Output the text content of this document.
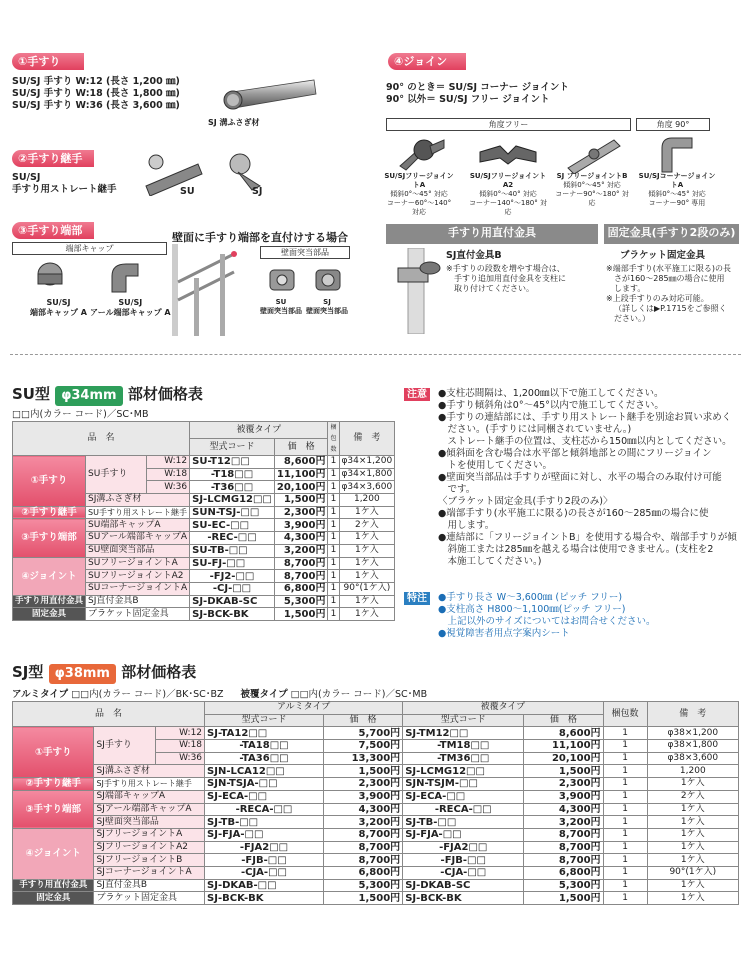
①手すり
SU/SJ 手すり W:12 (長さ 1,200 ㎜)
SU/SJ 手すり W:18 (長さ 1,800 ㎜)
SU/SJ 手すり W:36 (長さ 3,600 ㎜)
SJ 溝ふさぎ材
②手すり継手
SU/SJ
手すり用ストレート継手	SU	SJ
③手すり端部
端部キャップ
SU/SJ
端部キャップ A
SU/SJ
アール端部キャップ A
壁面に手すり端部を直付けする場合
壁面突当部品
SU
壁面突当部品
SJ
壁面突当部品
④ジョイント
90° のとき＝ SU/SJ コーナー ジョイント
90° 以外＝ SU/SJ フリー ジョイント
角度フリー	角度 90°
SU/SJフリージョイントA
傾斜0°～45° 対応
コーナー60°～140° 対応
SU/SJフリージョイントA2
傾斜0°～40° 対応
コーナー140°～180° 対応
SJ フリージョイントB
傾斜0°～45° 対応
コーナー90°～180° 対応
SU/SJコーナージョイントA
傾斜0°～45° 対応
コーナー90° 専用
手すり用直付金具	固定金具(手すり2段のみ)
SJ直付金具B
※手すりの段数を増やす場合は、
手すり追加用直付金具を支柱に
取り付けてください。
ブラケット固定金具
※端部手すり(水平施工に限る)の長
さが160～285㎜の場合に使用
します。
※上段手すりのみ対応可能。
（詳しくは▶P.1715をご参照く
ださい。）
SU型 φ34mm 部材価格表
□□内(カラー コード)／SC･MB
品　名			被覆タイプ		梱包数	備　考
			型式コード	価　格		
①手すり	SU手すり	W:12	SU-T12□□	8,600円	1	φ34×1,200
		W:18	-T18□□	11,100円	1	φ34×1,800
		W:36	-T36□□	20,100円	1	φ34×3,600
	SJ溝ふさぎ材		SJ-LCMG12□□	1,500円	1	1,200
②手すり継手	SU手すり用ストレート継手		SUN-TSJ-□□	2,300円	1	1ケ入
③手すり端部	SU端部キャップA		SU-EC-□□	3,900円	1	2ケ入
	SUアール端部キャップA		-REC-□□	4,300円	1	1ケ入
	SU壁面突当部品		SU-TB-□□	3,200円	1	1ケ入
④ジョイント	SUフリージョイントA		SU-FJ-□□	8,700円	1	1ケ入
	SUフリージョイントA2		-FJ2-□□	8,700円	1	1ケ入
	SUコーナージョイントA		-CJ-□□	6,800円	1	90°(1ケ入)
手すり用直付金具	SJ直付金具B		SJ-DKAB-SC	5,300円	1	1ケ入
固定金具	ブラケット固定金具		SJ-BCK-BK	1,500円	1	1ケ入
注意	●支柱芯間隔は、1,200㎜以下で施工してください。
●手すり傾斜角は0°～45°以内で施工してください。
●手すりの連結部には、手すり用ストレート継手を別途お買い求めく
　ださい。(手すりには同梱されていません。)
　ストレート継手の位置は、支柱芯から150㎜以内としてください。
●傾斜面を含む場合は水平部と傾斜地部との間にフリージョイン
　トを使用してください。
●壁面突当部品は手すりが壁面に対し、水平の場合のみ取付け可能
　です。
〈ブラケット固定金具(手すり2段のみ)〉
●端部手すり(水平施工に限る)の長さが160～285㎜の場合に使
　用します。
●連結部に「フリージョイントB」を使用する場合や、端部手すりが傾
　斜施工または285㎜を越える場合は使用できません。(支柱を2
　本施工してください。)
特注	●手すり長さ W～3,600㎜ (ピッチ フリー)
●支柱高さ H800～1,100㎜(ピッチ フリー)
　上記以外のサイズについてはお問合せください。
●視覚障害者用点字案内シート
SJ型 φ38mm 部材価格表
アルミタイプ □□内(カラー コード)／BK･SC･BZ 被覆タイプ □□内(カラー コード)／SC･MB
品　名			アルミタイプ		被覆タイプ		梱包数	備　考
			型式コード	価　格	型式コード	価　格		
①手すり	SJ手すり	W:12	SJ-TA12□□	5,700円	SJ-TM12□□	8,600円	1	φ38×1,200
		W:18	-TA18□□	7,500円	-TM18□□	11,100円	1	φ38×1,800
		W:36	-TA36□□	13,300円	-TM36□□	20,100円	1	φ38×3,600
	SJ溝ふさぎ材		SJN-LCA12□□	1,500円	SJ-LCMG12□□	1,500円	1	1,200
②手すり継手	SJ手すり用ストレート継手		SJN-TSJA-□□	2,300円	SJN-TSJM-□□	2,300円	1	1ケ入
③手すり端部	SJ端部キャップA		SJ-ECA-□□	3,900円	SJ-ECA-□□	3,900円	1	2ケ入
	SJアール端部キャップA		-RECA-□□	4,300円	-RECA-□□	4,300円	1	1ケ入
	SJ壁面突当部品		SJ-TB-□□	3,200円	SJ-TB-□□	3,200円	1	1ケ入
④ジョイント	SJフリージョイントA		SJ-FJA-□□	8,700円	SJ-FJA-□□	8,700円	1	1ケ入
	SJフリージョイントA2		-FJA2□□	8,700円	-FJA2□□	8,700円	1	1ケ入
	SJフリージョイントB		-FJB-□□	8,700円	-FJB-□□	8,700円	1	1ケ入
	SJコーナージョイントA		-CJA-□□	6,800円	-CJA-□□	6,800円	1	90°(1ケ入)
手すり用直付金具	SJ直付金具B		SJ-DKAB-□□	5,300円	SJ-DKAB-SC	5,300円	1	1ケ入
固定金具	ブラケット固定金具		SJ-BCK-BK	1,500円	SJ-BCK-BK	1,500円	1	1ケ入
